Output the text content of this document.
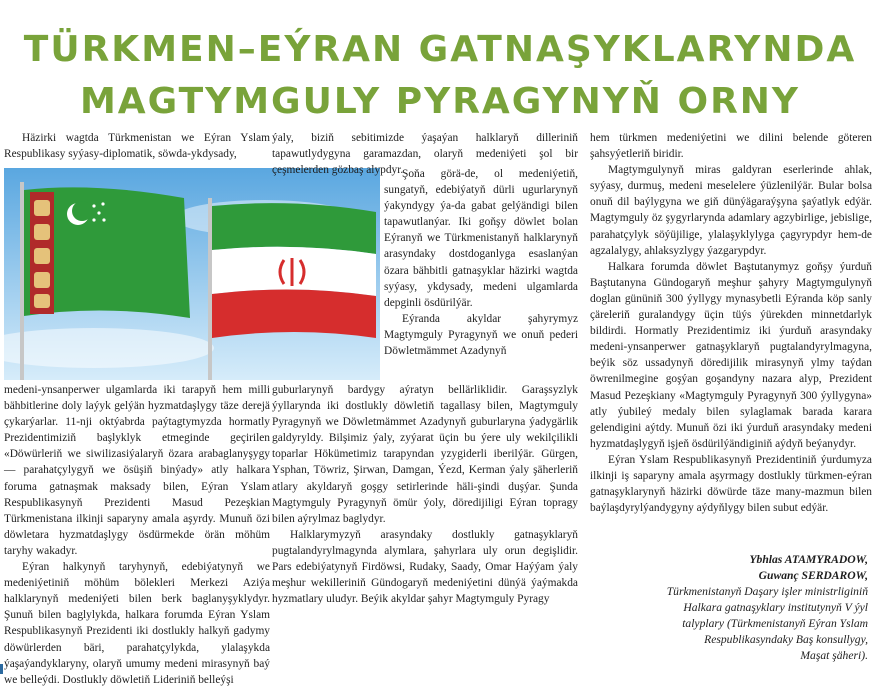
TÜRKMEN–EÝRAN GATNAŞYKLARYNDA
MAGTYMGULY PYRAGYNYŇ ORNY

Häzirki wagtda Türkmenistan we Eýran Yslam Respublikasy syýasy-diplomatik, söwda-ykdysady,

medeni-ynsanperwer ulgamlarda iki tarapyň hem milli bähbitlerine doly laýyk gelýän hyzmatdaşlygy täze derejä çykarýarlar. 11-nji oktýabrda paýtagtymyzda hormatly Prezidentimiziň başlyklyk etmeginde geçirilen «Döwürleriň we siwilizasiýalaryň özara arabaglanyşygy — parahatçylygyň we ösüşiň binýady» atly halkara foruma gatnaşmak maksady bilen, Eýran Yslam Respublikasynyň Prezidenti Masud Pezeşkian Türkmenistana ilkinji saparyny amala aşyrdy. Munuň özi döwletara hyzmatdaşlygy ösdürmekde örän möhüm taryhy wakadyr.

Eýran halkynyň taryhynyň, edebiýatynyň we medeniýetiniň möhüm bölekleri Merkezi Aziýa halklarynyň medeniýeti bilen berk baglanyşyklydyr. Şunuň bilen baglylykda, halkara forumda Eýran Yslam Respublikasynyň Prezidenti iki dostlukly halkyň gadymy döwürlerden bäri, parahatçylykda, ylalaşykda ýaşaýandyklaryny, olaryň umumy medeni mirasynyň baý we belleýdi. Dostlukly döwletiň Lideriniň belleýşi

ýaly, biziň sebitimizde ýaşaýan halklaryň dilleriniň tapawutlydygyna garamazdan, olaryň medeniýeti şol bir çeşmelerden gözbaş alypdyr.

Şoňa görä-de, ol medeniýetiň, sungatyň, edebiýatyň dürli ugurlarynyň ýakyndygy ýa-da gabat gelýändigi bilen tapawutlanýar. Iki goňşy döwlet bolan Eýranyň we Türkmenistanyň halklarynyň arasyndaky dostdoganlyga esaslanýan özara bähbitli gatnaşyklar häzirki wagtda syýasy, ykdysady, medeni ulgamlarda depginli ösdürilýär.

Eýranda akyldar şahyrymyz Magtymguly Pyragynyň we onuň pederi Döwletmämmet Azadynyň

guburlarynyň bardygy aýratyn bellärliklidir. Garaşsyzlyk ýyllarynda iki dostlukly döwletiň tagallasy bilen, Magtymguly Pyragynyň we Döwletmämmet Azadynyň guburlaryna ýadygärlik galdyryldy. Bilşimiz ýaly, zyýarat üçin bu ýere uly wekilçilikli toparlar Hökümetimiz tarapyndan yzygiderli iberilýär. Gürgen, Ysphan, Töwriz, Şirwan, Damgan, Ýezd, Kerman ýaly şäherleriň atlary akyldaryň goşgy setirlerinde häli-şindi duşýar. Şunda Magtymguly Pyragynyň ömür ýoly, döredijiligi Eýran topragy bilen aýrylmaz baglydyr.

Halklarymyzyň arasyndaky dostlukly gatnaşyklaryň pugtalandyrylmagynda alymlara, şahyrlara uly orun degişlidir. Pars edebiýatynyň Firdöwsi, Rudaky, Saady, Omar Haýýam ýaly meşhur wekilleriniň Gündogaryň medeniýetini dünýä ýaýmakda hyzmatlary uludyr. Beýik akyldar şahyr Magtymguly Pyragy

hem türkmen medeniýetini we dilini belende göteren şahsyýetleriň biridir.

Magtymgulynyň miras galdyran eserlerinde ahlak, syýasy, durmuş, medeni meselelere ýüzlenilýär. Bular bolsa onuň dil baýlygyna we giň dünýägaraýşyna şaýatlyk edýär. Magtymguly öz şygyrlarynda adamlary agzybirlige, jebislige, parahatçylyk söýüjilige, ylalaşyklylyga çagyrypdyr hem-de agzalalygy, ahlaksyzlygy ýazgarypdyr.

Halkara forumda döwlet Baştutanymyz goňşy ýurduň Baştutanyna Gündogaryň meşhur şahyry Magtymgulynyň doglan gününiň 300 ýyllygy mynasybetli Eýranda köp sanly çäreleriň guralandygy üçin tüýs ýürekden minnetdarlyk bildirdi. Hormatly Prezidentimiz iki ýurduň arasyndaky medeni-ynsanperwer gatnaşyklaryň pugtalandyrylmagyna, beýik söz ussadynyň döredijilik mirasynyň ylmy taýdan öwrenilmegine goşýan goşandyny nazara alyp, Prezident Masud Pezeşkiany «Magtymguly Pyragynyň 300 ýyllygyna» atly ýubileý medaly bilen sylaglamak barada karara gelendigini aýtdy. Munuň özi iki ýurduň arasyndaky medeni hyzmatdaşlygyň işjeň ösdürilýändiginiň aýdyň beýanydyr.

Eýran Yslam Respublikasynyň Prezidentiniň ýurdumyza ilkinji iş saparyny amala aşyrmagy dostlukly türkmen-eýran gatnaşyklarynyň häzirki döwürde täze many-mazmun bilen baýlaşdyrylýandygyny aýdyňlygy bilen subut edýär.

Ybhlas ATAMYRADOW,
Guwanç SERDAROW,
Türkmenistanyň Daşary işler ministrliginiň
Halkara gatnaşyklary institutynyň V ýyl
talyplary (Türkmenistanyň Eýran Yslam
Respublikasyndaky Baş konsullygy,
Maşat şäheri).
